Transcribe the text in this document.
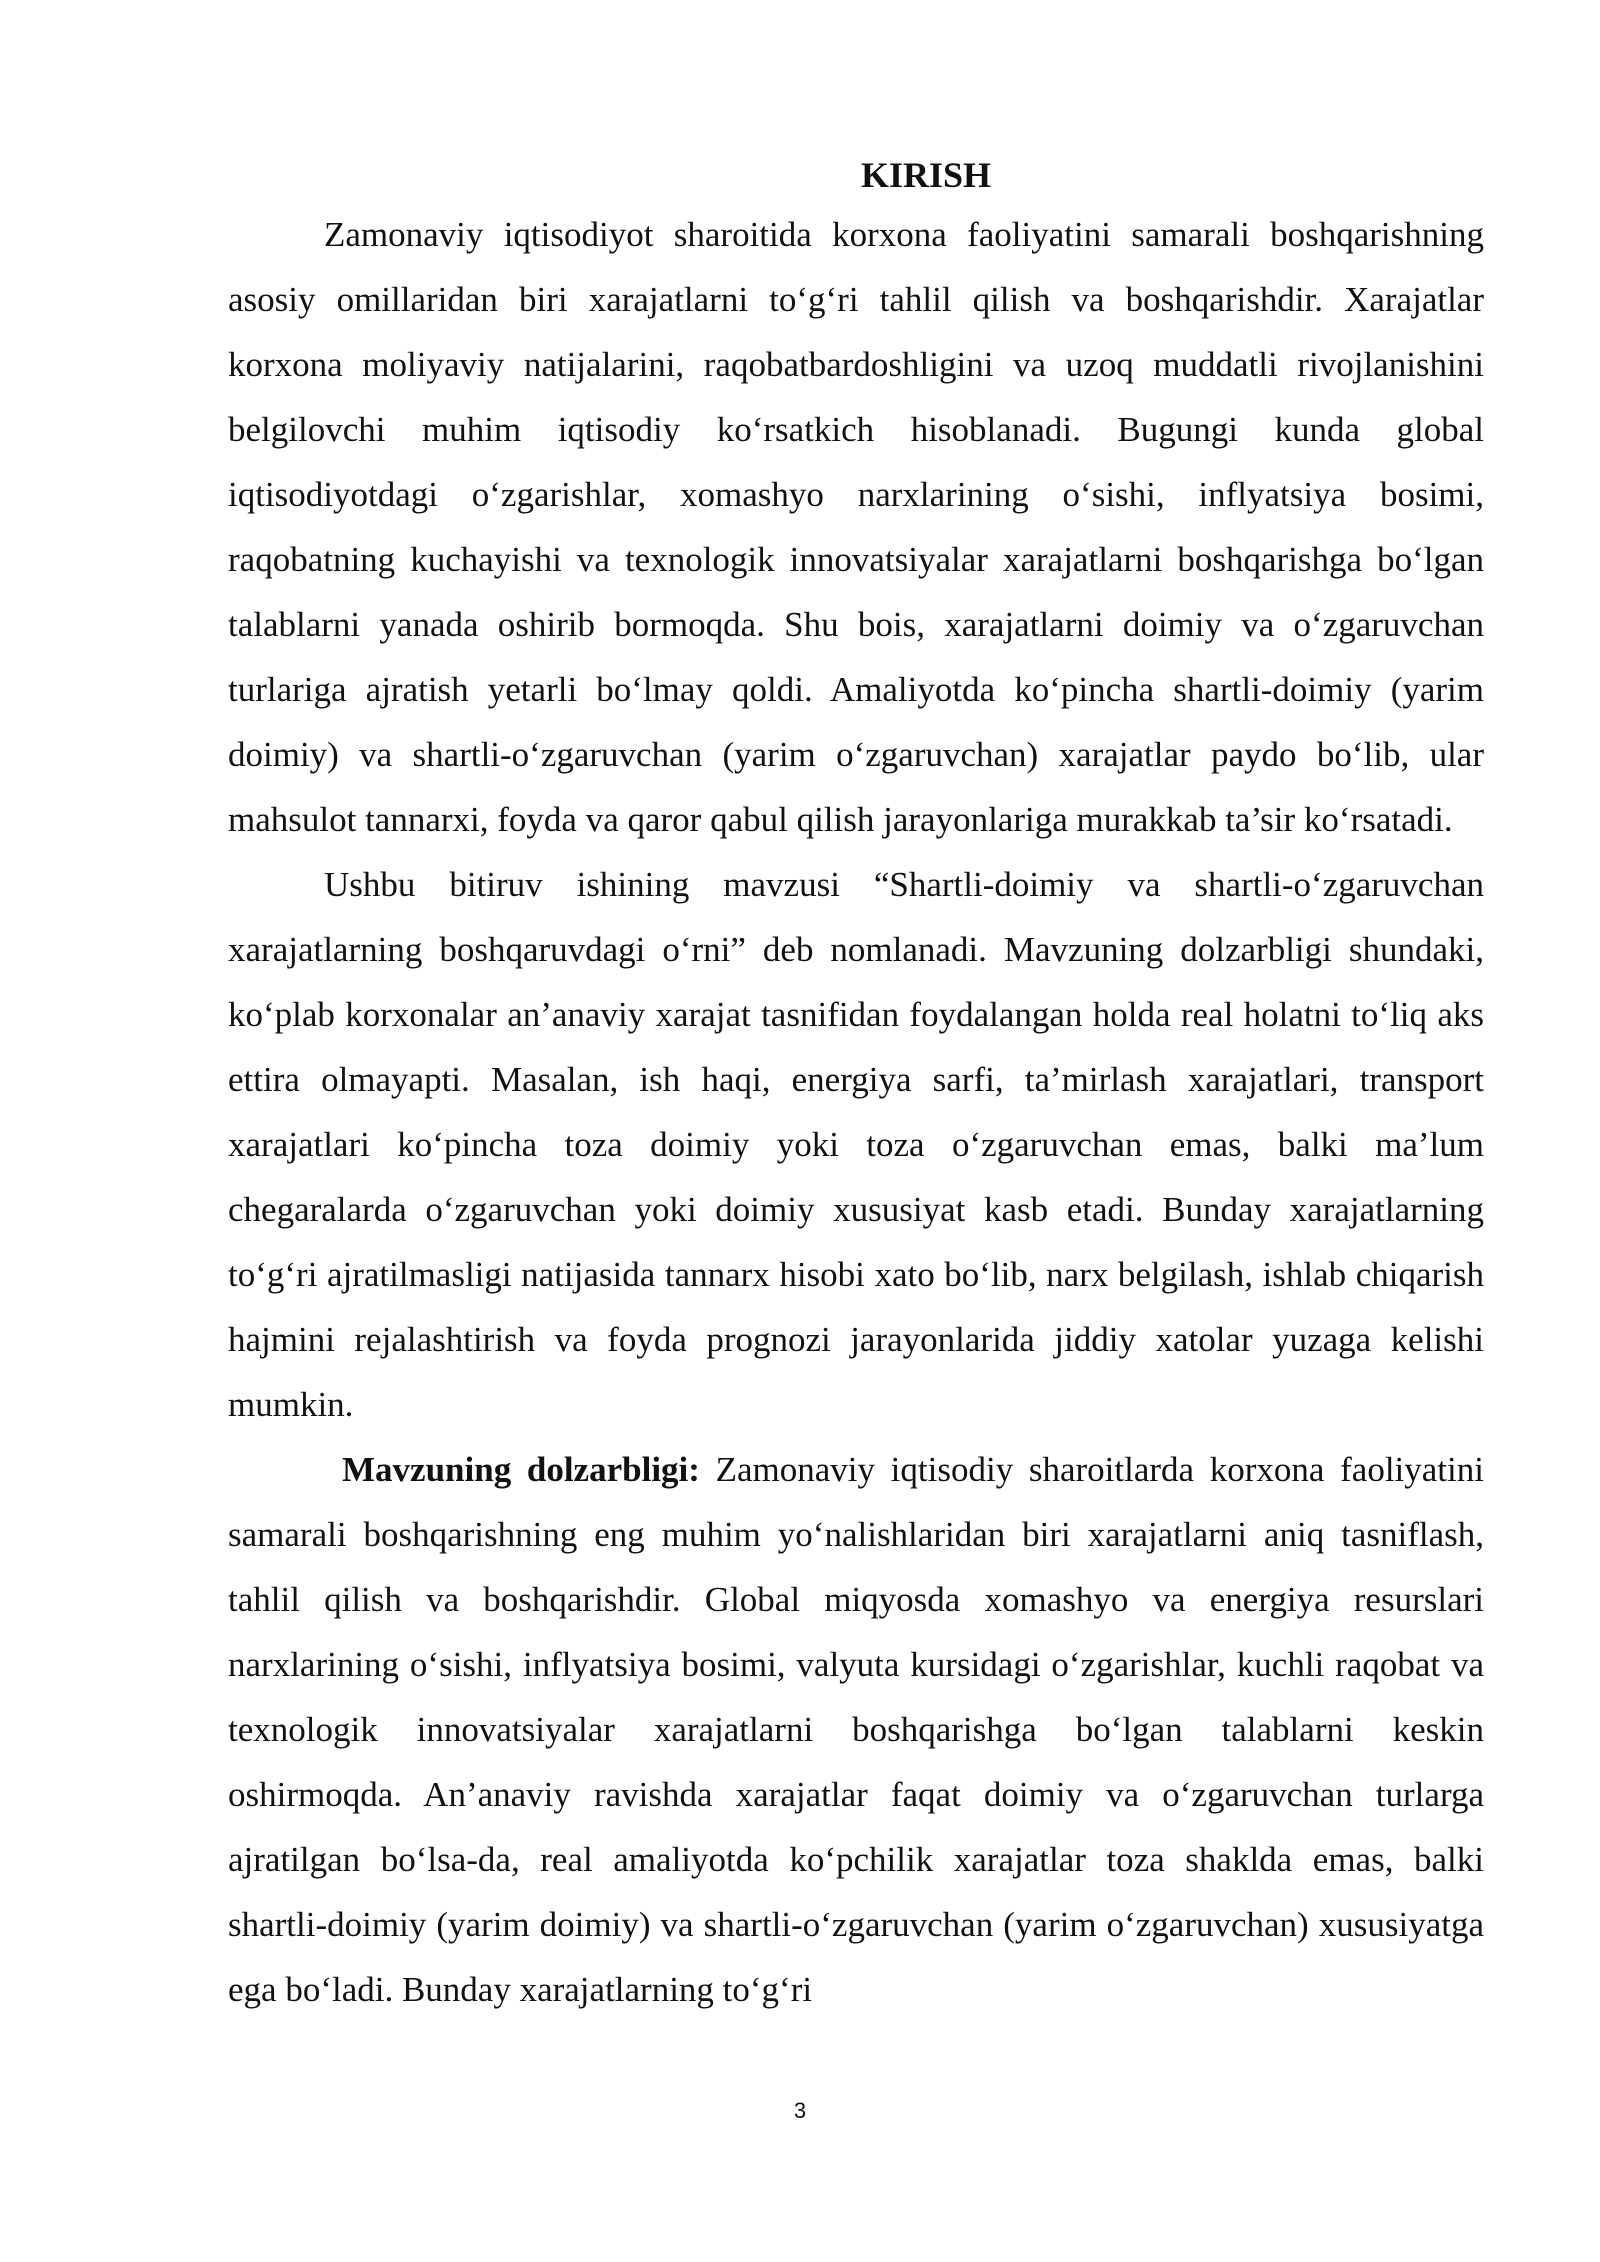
KIRISH

Zamonaviy iqtisodiyot sharoitida korxona faoliyatini samarali boshqarishning asosiy omillaridan biri xarajatlarni to‘g‘ri tahlil qilish va boshqarishdir. Xarajatlar korxona moliyaviy natijalarini, raqobatbardoshligini va uzoq muddatli rivojlanishini belgilovchi muhim iqtisodiy ko‘rsatkich hisoblanadi. Bugungi kunda global iqtisodiyotdagi o‘zgarishlar, xomashyo narxlarining o‘sishi, inflyatsiya bosimi, raqobatning kuchayishi va texnologik innovatsiyalar xarajatlarni boshqarishga bo‘lgan talablarni yanada oshirib bormoqda. Shu bois, xarajatlarni doimiy va o‘zgaruvchan turlariga ajratish yetarli bo‘lmay qoldi. Amaliyotda ko‘pincha shartli-doimiy (yarim doimiy) va shartli-o‘zgaruvchan (yarim o‘zgaruvchan) xarajatlar paydo bo‘lib, ular mahsulot tannarxi, foyda va qaror qabul qilish jarayonlariga murakkab ta’sir ko‘rsatadi.

Ushbu bitiruv ishining mavzusi “Shartli-doimiy va shartli-o‘zgaruvchan xarajatlarning boshqaruvdagi o‘rni” deb nomlanadi. Mavzuning dolzarbligi shundaki, ko‘plab korxonalar an’anaviy xarajat tasnifidan foydalangan holda real holatni to‘liq aks ettira olmayapti. Masalan, ish haqi, energiya sarfi, ta’mirlash xarajatlari, transport xarajatlari ko‘pincha toza doimiy yoki toza o‘zgaruvchan emas, balki ma’lum chegaralarda o‘zgaruvchan yoki doimiy xususiyat kasb etadi. Bunday xarajatlarning to‘g‘ri ajratilmasligi natijasida tannarx hisobi xato bo‘lib, narx belgilash, ishlab chiqarish hajmini rejalashtirish va foyda prognozi jarayonlarida jiddiy xatolar yuzaga kelishi mumkin.

Mavzuning dolzarbligi: Zamonaviy iqtisodiy sharoitlarda korxona faoliyatini samarali boshqarishning eng muhim yo‘nalishlaridan biri xarajatlarni aniq tasniflash, tahlil qilish va boshqarishdir. Global miqyosda xomashyo va energiya resurslari narxlarining o‘sishi, inflyatsiya bosimi, valyuta kursidagi o‘zgarishlar, kuchli raqobat va texnologik innovatsiyalar xarajatlarni boshqarishga bo‘lgan talablarni keskin oshirmoqda. An’anaviy ravishda xarajatlar faqat doimiy va o‘zgaruvchan turlarga ajratilgan bo‘lsa-da, real amaliyotda ko‘pchilik xarajatlar toza shaklda emas, balki shartli-doimiy (yarim doimiy) va shartli-o‘zgaruvchan (yarim o‘zgaruvchan) xususiyatga ega bo‘ladi. Bunday xarajatlarning to‘g‘ri

3
